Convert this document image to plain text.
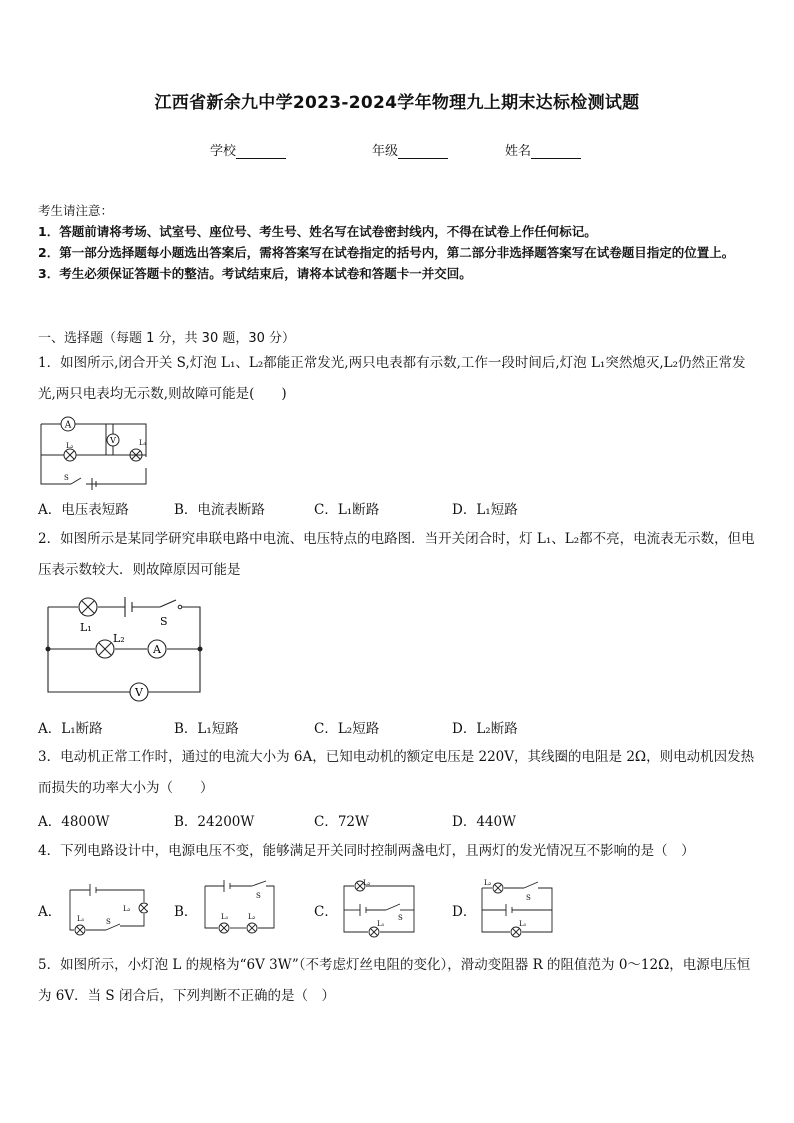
江西省新余九中学2023-2024学年物理九上期末达标检测试题
学校	年级	姓名
考生请注意：
1．答题前请将考场、试室号、座位号、考生号、姓名写在试卷密封线内，不得在试卷上作任何标记。
2．第一部分选择题每小题选出答案后，需将答案写在试卷指定的括号内，第二部分非选择题答案写在试卷题目指定的位置上。
3．考生必须保证答题卡的整洁。考试结束后，请将本试卷和答题卡一并交回。
一、选择题（每题 1 分，共 30 题，30 分）
1．如图所示,闭合开关 S,灯泡 L₁、L₂都能正常发光,两只电表都有示数,工作一段时间后,灯泡 L₁突然熄灭,L₂仍然正常发光,两只电表均无示数,则故障可能是(　　)
A
V
L₂	L₁
S
A．电压表短路	B．电流表断路	C．L₁断路	D．L₁短路
2．如图所示是某同学研究串联电路中电流、电压特点的电路图．当开关闭合时，灯 L₁、L₂都不亮，电流表无示数，但电压表示数较大．则故障原因可能是
L₁	S
L₂
A
V
A．L₁断路	B．L₁短路	C．L₂短路	D．L₂断路
3．电动机正常工作时，通过的电流大小为 6A，已知电动机的额定电压是 220V，其线圈的电阻是 2Ω，则电动机因发热而损失的功率大小为（　　）
A．4800W	B．24200W	C．72W	D．440W
4．下列电路设计中，电源电压不变，能够满足开关同时控制两盏电灯，且两灯的发光情况互不影响的是（　）
A．	B．	C．	D．
L₁
L₂
S
S
L₁	L₂
L₂
S
L₁
L₂
S
L₁
5．如图所示，小灯泡 L 的规格为“6V 3W”（不考虑灯丝电阻的变化），滑动变阻器 R 的阻值范为 0～12Ω，电源电压恒为 6V．当 S 闭合后，下列判断不正确的是（　）
